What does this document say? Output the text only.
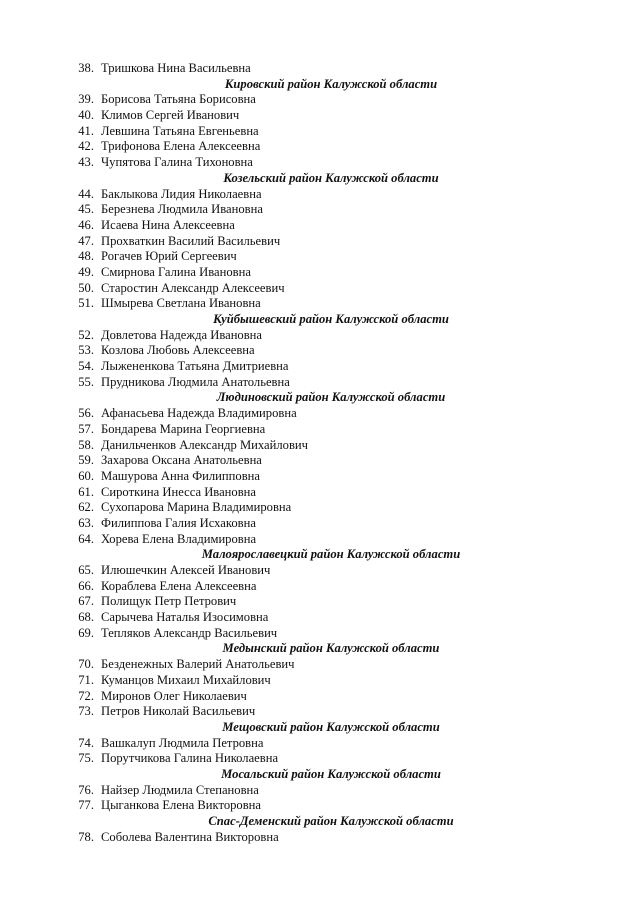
38. Тришкова Нина Васильевна
Кировский район Калужской области
39. Борисова Татьяна Борисовна
40. Климов Сергей Иванович
41. Левшина Татьяна Евгеньевна
42. Трифонова Елена Алексеевна
43. Чупятова Галина Тихоновна
Козельский район Калужской области
44. Баклыкова Лидия Николаевна
45. Березнева Людмила Ивановна
46. Исаева Нина Алексеевна
47. Прохваткин Василий Васильевич
48. Рогачев Юрий Сергеевич
49. Смирнова Галина Ивановна
50. Старостин Александр Алексеевич
51. Шмырева Светлана Ивановна
Куйбышевский район Калужской области
52. Довлетова Надежда Ивановна
53. Козлова Любовь Алексеевна
54. Лыжененкова Татьяна Дмитриевна
55. Прудникова Людмила Анатольевна
Людиновский район Калужской области
56. Афанасьева Надежда Владимировна
57. Бондарева Марина Георгиевна
58. Данильченков Александр Михайлович
59. Захарова Оксана Анатольевна
60. Машурова Анна Филипповна
61. Сироткина Инесса Ивановна
62. Сухопарова Марина Владимировна
63. Филиппова Галия Исхаковна
64. Хорева Елена Владимировна
Малоярославецкий район Калужской области
65. Илюшечкин Алексей Иванович
66. Кораблева Елена Алексеевна
67. Полищук Петр Петрович
68. Сарычева Наталья Изосимовна
69. Тепляков Александр Васильевич
Медынский район Калужской области
70. Безденежных Валерий Анатольевич
71. Куманцов Михаил Михайлович
72. Миронов Олег Николаевич
73. Петров Николай Васильевич
Мещовский район Калужской области
74. Вашкалуп Людмила Петровна
75. Порутчикова Галина Николаевна
Мосальский район Калужской области
76. Найзер Людмила Степановна
77. Цыганкова Елена Викторовна
Спас-Деменский район Калужской области
78. Соболева Валентина Викторовна
